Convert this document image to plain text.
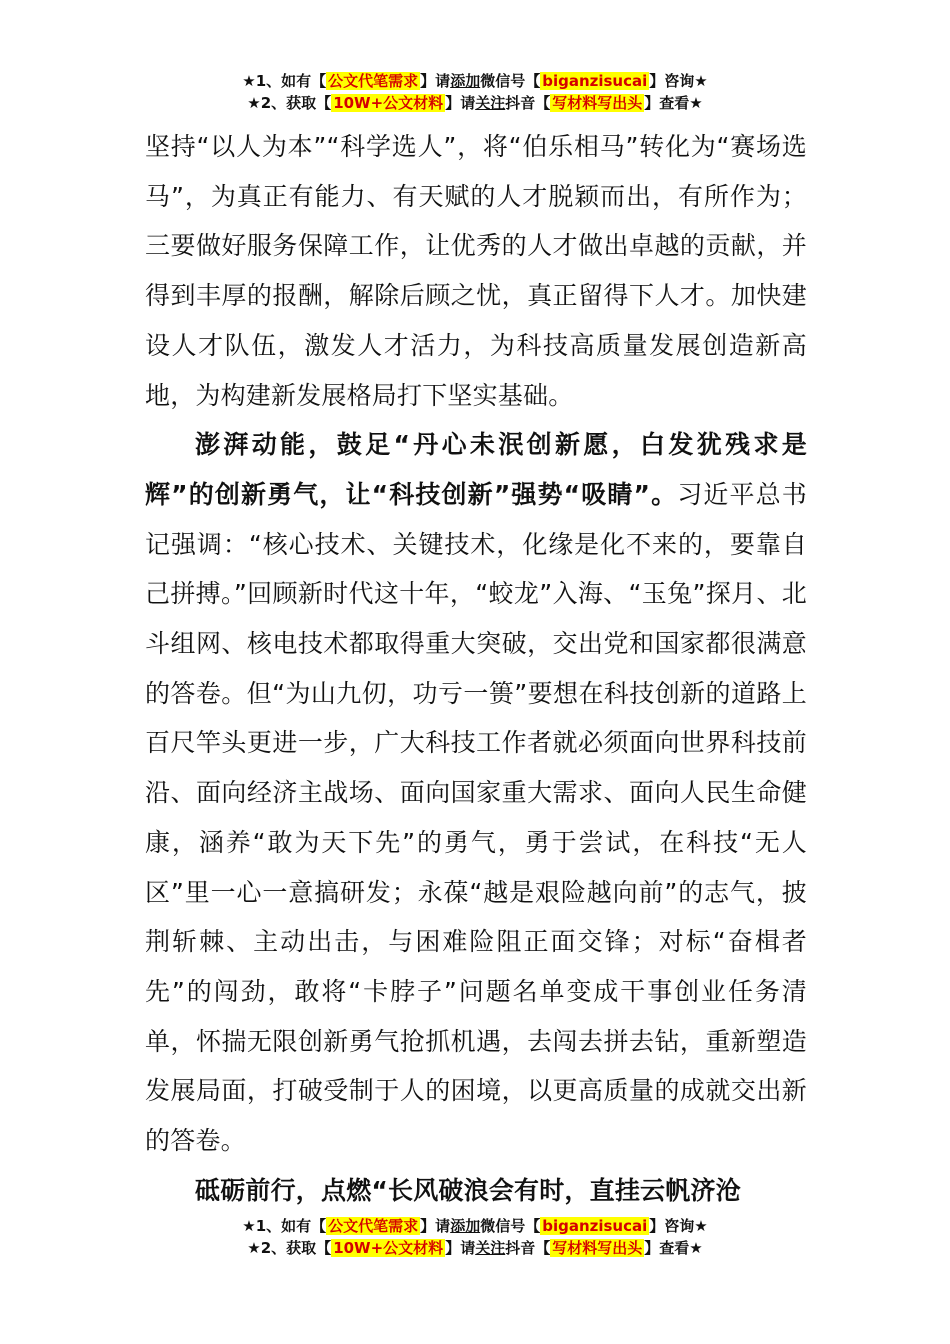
★1、如有【 公文代笔需求 】请添加微信号【 biganzisucai 】咨询★
★2、获取【 10W+公文材料 】请关注抖音【 写材料写出头 】查看★

坚持“以人为本”“科学选人”，将“伯乐相马”转化为“赛场选马”，为真正有能力、有天赋的人才脱颖而出，有所作为；三要做好服务保障工作，让优秀的人才做出卓越的贡献，并得到丰厚的报酬，解除后顾之忧，真正留得下人才。加快建设人才队伍，激发人才活力，为科技高质量发展创造新高地，为构建新发展格局打下坚实基础。

澎湃动能，鼓足“丹心未泯创新愿，白发犹残求是辉”的创新勇气，让“科技创新”强势“吸睛”。习近平总书记强调：“核心技术、关键技术，化缘是化不来的，要靠自己拼搏。”回顾新时代这十年，“蛟龙”入海、“玉兔”探月、北斗组网、核电技术都取得重大突破，交出党和国家都很满意的答卷。但“为山九仞，功亏一篑”要想在科技创新的道路上百尺竿头更进一步，广大科技工作者就必须面向世界科技前沿、面向经济主战场、面向国家重大需求、面向人民生命健康，涵养“敢为天下先”的勇气，勇于尝试，在科技“无人区”里一心一意搞研发；永葆“越是艰险越向前”的志气，披荆斩棘、主动出击，与困难险阻正面交锋；对标“奋楫者先”的闯劲，敢将“卡脖子”问题名单变成干事创业任务清单，怀揣无限创新勇气抢抓机遇，去闯去拼去钻，重新塑造发展局面，打破受制于人的困境，以更高质量的成就交出新的答卷。

砥砺前行，点燃“长风破浪会有时，直挂云帆济沧

★1、如有【 公文代笔需求 】请添加微信号【 biganzisucai 】咨询★
★2、获取【 10W+公文材料 】请关注抖音【 写材料写出头 】查看★
